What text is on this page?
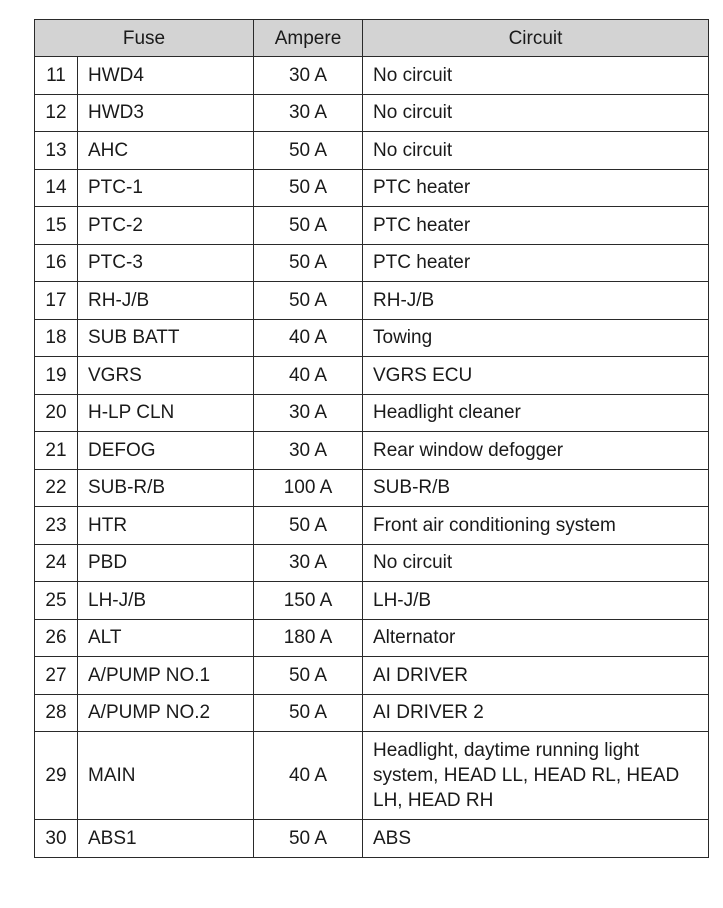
Fuse		Ampere	Circuit
11	HWD4	30 A	No circuit
12	HWD3	30 A	No circuit
13	AHC	50 A	No circuit
14	PTC-1	50 A	PTC heater
15	PTC-2	50 A	PTC heater
16	PTC-3	50 A	PTC heater
17	RH-J/B	50 A	RH-J/B
18	SUB BATT	40 A	Towing
19	VGRS	40 A	VGRS ECU
20	H-LP CLN	30 A	Headlight cleaner
21	DEFOG	30 A	Rear window defogger
22	SUB-R/B	100 A	SUB-R/B
23	HTR	50 A	Front air conditioning system
24	PBD	30 A	No circuit
25	LH-J/B	150 A	LH-J/B
26	ALT	180 A	Alternator
27	A/PUMP NO.1	50 A	AI DRIVER
28	A/PUMP NO.2	50 A	AI DRIVER 2
29	MAIN	40 A	Headlight, daytime running light system, HEAD LL, HEAD RL, HEAD LH, HEAD RH
30	ABS1	50 A	ABS
